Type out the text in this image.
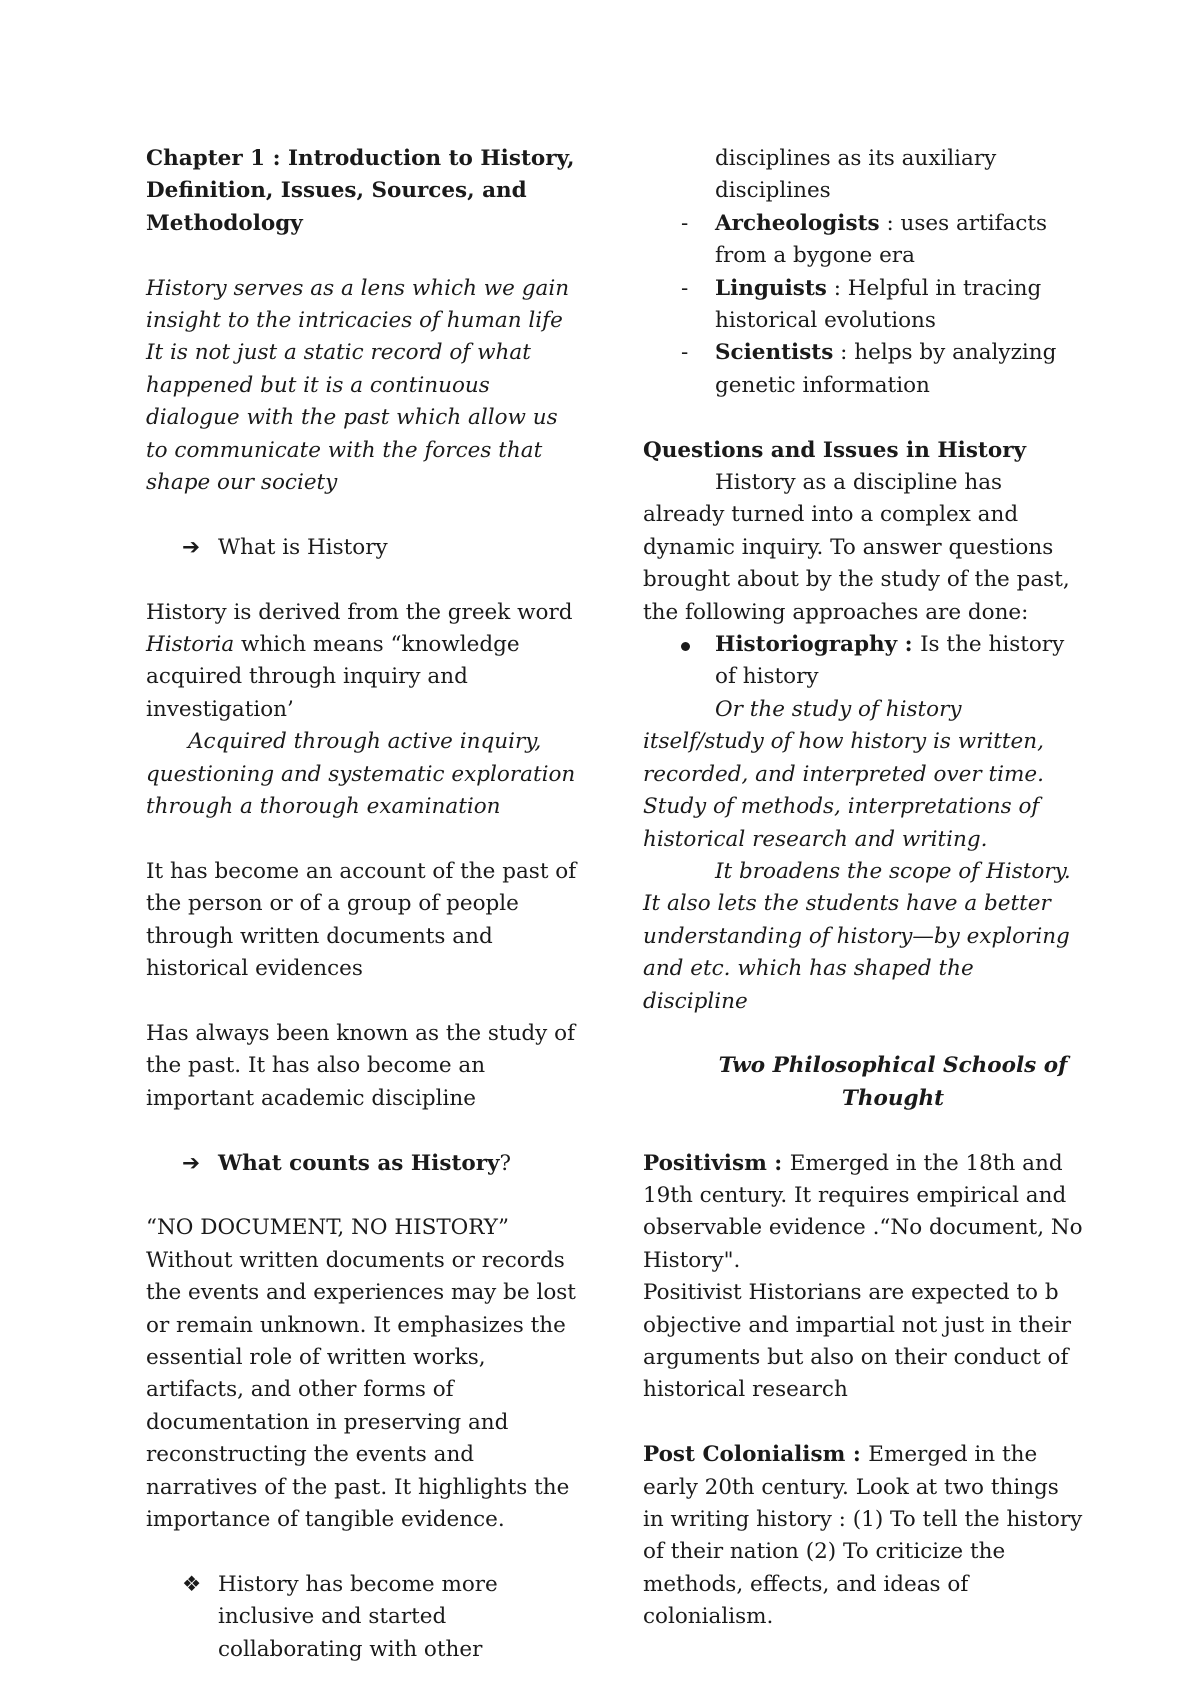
Chapter 1 : Introduction to History, Definition, Issues, Sources, and Methodology

History serves as a lens which we gain insight to the intricacies of human life It is not just a static record of what happened but it is a continuous dialogue with the past which allow us to communicate with the forces that shape our society

➔ What is History

History is derived from the greek word Historia which means “knowledge acquired through inquiry and investigation’

Acquired through active inquiry, questioning and systematic exploration through a thorough examination

It has become an account of the past of the person or of a group of people through written documents and historical evidences

Has always been known as the study of the past. It has also become an important academic discipline

➔ What counts as History?

“NO DOCUMENT, NO HISTORY”

Without written documents or records the events and experiences may be lost or remain unknown. It emphasizes the essential role of written works, artifacts, and other forms of documentation in preserving and reconstructing the events and narratives of the past. It highlights the importance of tangible evidence.

❖ History has become more inclusive and started collaborating with other

disciplines as its auxiliary disciplines

- Archeologists : uses artifacts from a bygone era

- Linguists : Helpful in tracing historical evolutions

- Scientists : helps by analyzing genetic information

Questions and Issues in History

History as a discipline has already turned into a complex and dynamic inquiry. To answer questions brought about by the study of the past, the following approaches are done:

Historiography : Is the history of history

Or the study of history itself/study of how history is written, recorded, and interpreted over time. Study of methods, interpretations of historical research and writing.

It broadens the scope of History. It also lets the students have a better understanding of history—by exploring and etc. which has shaped the discipline

Two Philosophical Schools of Thought

Positivism : Emerged in the 18th and 19th century. It requires empirical and observable evidence .“No document, No History".

Positivist Historians are expected to b objective and impartial not just in their arguments but also on their conduct of historical research

Post Colonialism : Emerged in the early 20th century. Look at two things in writing history : (1) To tell the history of their nation (2) To criticize the methods, effects, and ideas of colonialism.
